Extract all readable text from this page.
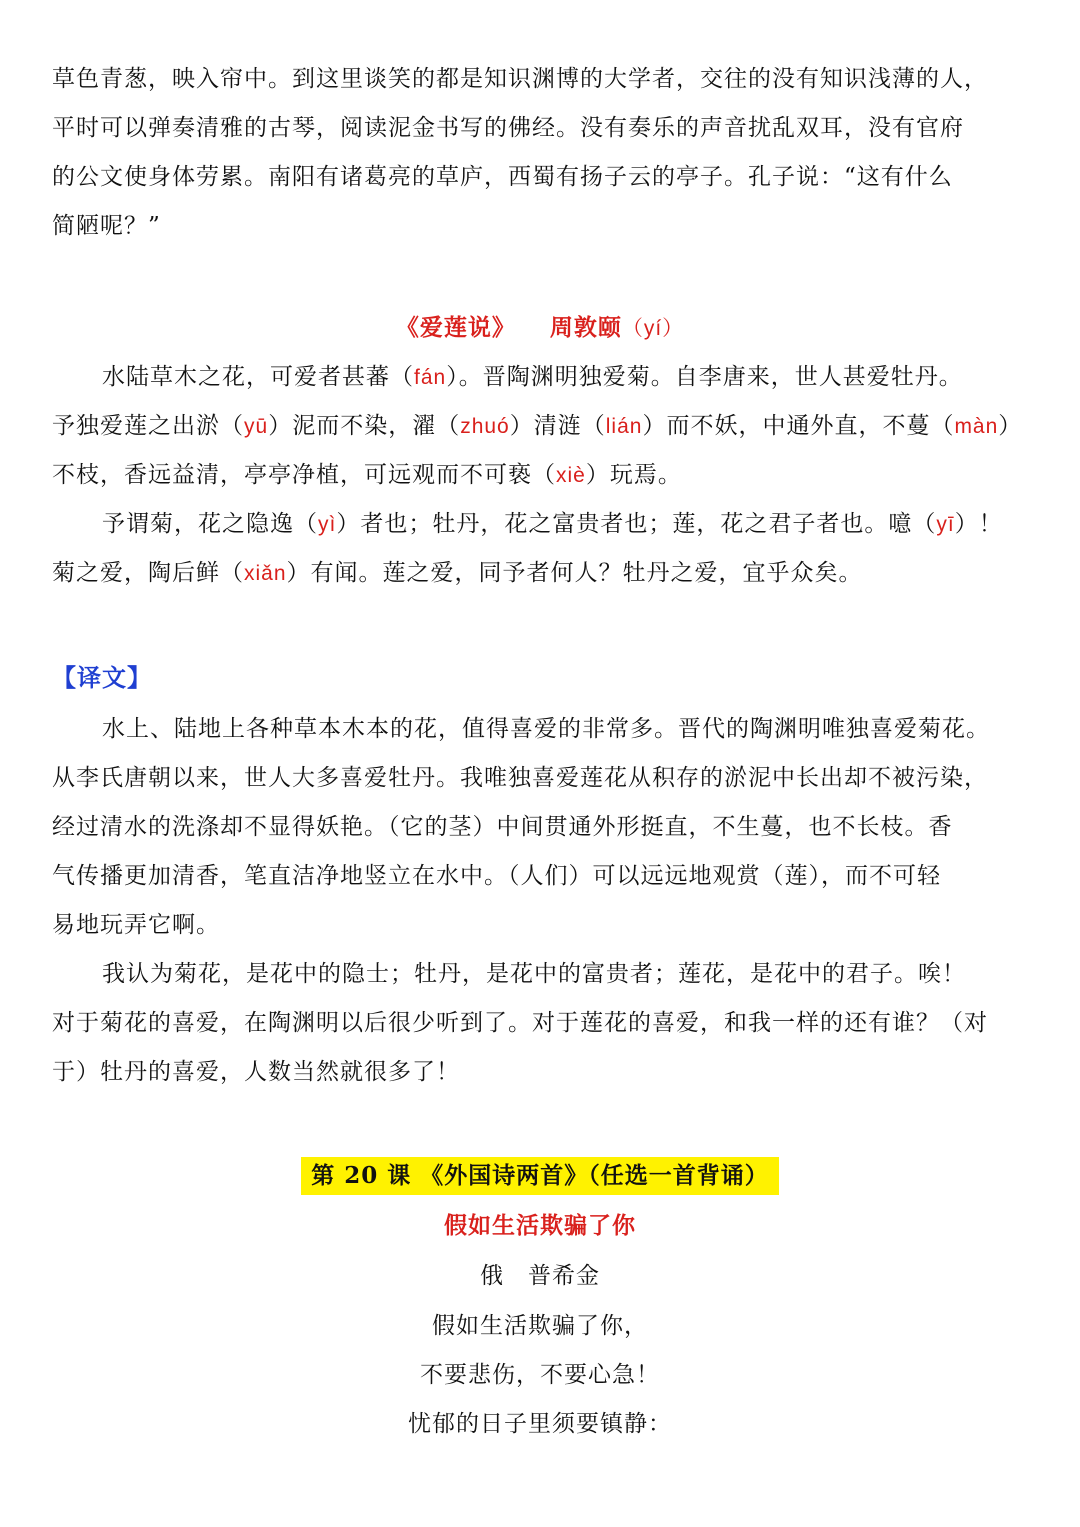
草色青葱，映入帘中。到这里谈笑的都是知识渊博的大学者，交往的没有知识浅薄的人，

平时可以弹奏清雅的古琴，阅读泥金书写的佛经。没有奏乐的声音扰乱双耳，没有官府

的公文使身体劳累。南阳有诸葛亮的草庐，西蜀有扬子云的亭子。孔子说：“这有什么

简陋呢？”

《爱莲说》 周敦颐（yí）

水陆草木之花，可爱者甚蕃（fán）。晋陶渊明独爱菊。自李唐来，世人甚爱牡丹。

予独爱莲之出淤（yū）泥而不染，濯（zhuó）清涟（lián）而不妖，中通外直，不蔓（màn）

不枝，香远益清，亭亭净植，可远观而不可亵（xiè）玩焉。

予谓菊，花之隐逸（yì）者也；牡丹，花之富贵者也；莲，花之君子者也。噫（yī）！

菊之爱，陶后鲜（xiǎn）有闻。莲之爱，同予者何人？牡丹之爱，宜乎众矣。

【译文】

水上、陆地上各种草本木本的花，值得喜爱的非常多。晋代的陶渊明唯独喜爱菊花。

从李氏唐朝以来，世人大多喜爱牡丹。我唯独喜爱莲花从积存的淤泥中长出却不被污染，

经过清水的洗涤却不显得妖艳。（它的茎）中间贯通外形挺直，不生蔓，也不长枝。香

气传播更加清香，笔直洁净地竖立在水中。（人们）可以远远地观赏（莲），而不可轻

易地玩弄它啊。

我认为菊花，是花中的隐士；牡丹，是花中的富贵者；莲花，是花中的君子。唉！

对于菊花的喜爱，在陶渊明以后很少听到了。对于莲花的喜爱，和我一样的还有谁？（对

于）牡丹的喜爱，人数当然就很多了！

第 20 课 《外国诗两首》（任选一首背诵）
假如生活欺骗了你
俄　普希金
假如生活欺骗了你，
不要悲伤，不要心急！
忧郁的日子里须要镇静：
